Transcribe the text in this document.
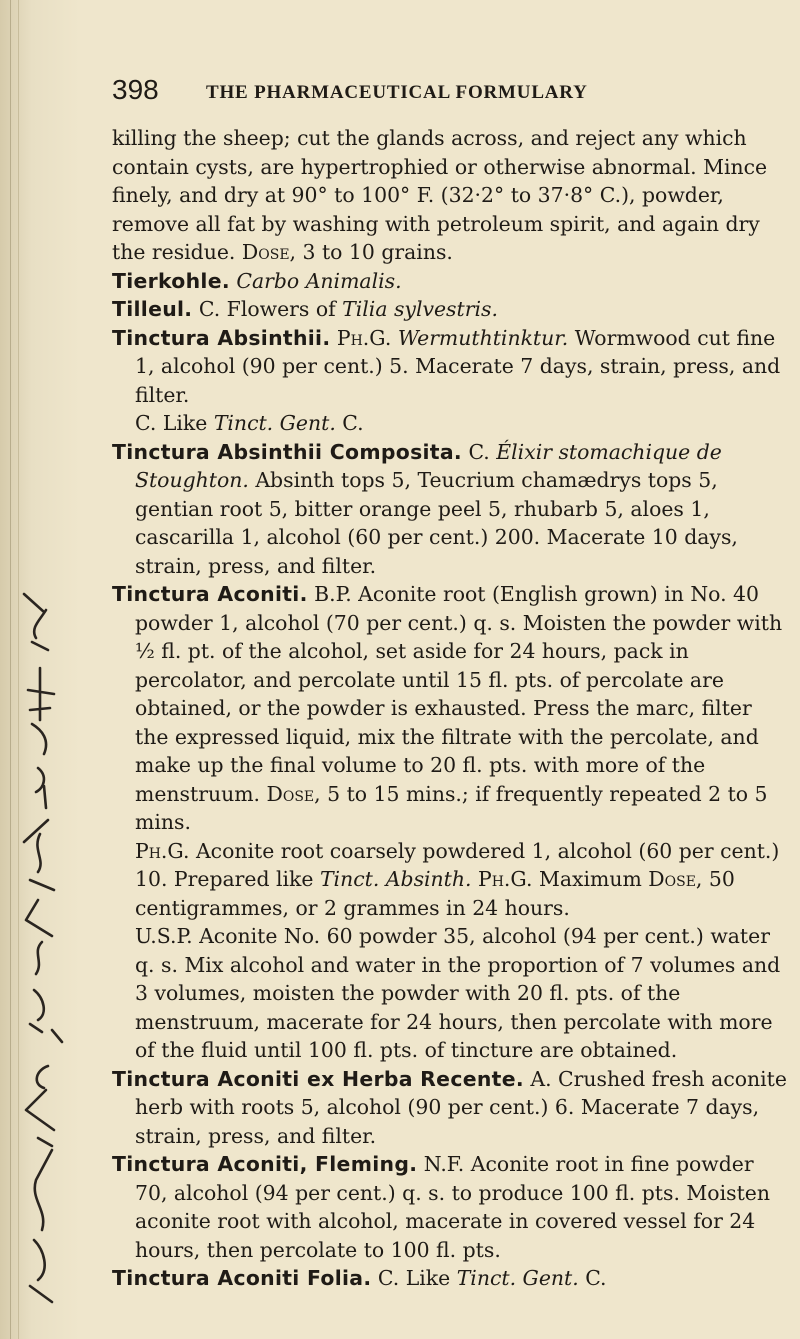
398 THE PHARMACEUTICAL FORMULARY

killing the sheep; cut the glands across, and reject any which contain cysts, are hypertrophied or otherwise abnormal. Mince finely, and dry at 90° to 100° F. (32·2° to 37·8° C.), powder, remove all fat by washing with petroleum spirit, and again dry the residue. Dose, 3 to 10 grains.

Tierkohle. Carbo Animalis.

Tilleul. C. Flowers of Tilia sylvestris.

Tinctura Absinthii. Ph.G. Wermuthtinktur. Wormwood cut fine 1, alcohol (90 per cent.) 5. Macerate 7 days, strain, press, and filter.

C. Like Tinct. Gent. C.

Tinctura Absinthii Composita. C. Élixir stomachique de Stoughton. Absinth tops 5, Teucrium chamædrys tops 5, gentian root 5, bitter orange peel 5, rhubarb 5, aloes 1, cascarilla 1, alcohol (60 per cent.) 200. Macerate 10 days, strain, press, and filter.

Tinctura Aconiti. B.P. Aconite root (English grown) in No. 40 powder 1, alcohol (70 per cent.) q. s. Moisten the powder with ½ fl. pt. of the alcohol, set aside for 24 hours, pack in percolator, and percolate until 15 fl. pts. of percolate are obtained, or the powder is exhausted. Press the marc, filter the expressed liquid, mix the filtrate with the percolate, and make up the final volume to 20 fl. pts. with more of the menstruum. Dose, 5 to 15 mins.; if frequently repeated 2 to 5 mins.

Ph.G. Aconite root coarsely powdered 1, alcohol (60 per cent.) 10. Prepared like Tinct. Absinth. Ph.G. Maximum Dose, 50 centigrammes, or 2 grammes in 24 hours.

U.S.P. Aconite No. 60 powder 35, alcohol (94 per cent.) water q. s. Mix alcohol and water in the proportion of 7 volumes and 3 volumes, moisten the powder with 20 fl. pts. of the menstruum, macerate for 24 hours, then percolate with more of the fluid until 100 fl. pts. of tincture are obtained.

Tinctura Aconiti ex Herba Recente. A. Crushed fresh aconite herb with roots 5, alcohol (90 per cent.) 6. Macerate 7 days, strain, press, and filter.

Tinctura Aconiti, Fleming. N.F. Aconite root in fine powder 70, alcohol (94 per cent.) q. s. to produce 100 fl. pts. Moisten aconite root with alcohol, macerate in covered vessel for 24 hours, then percolate to 100 fl. pts.

Tinctura Aconiti Folia. C. Like Tinct. Gent. C.
